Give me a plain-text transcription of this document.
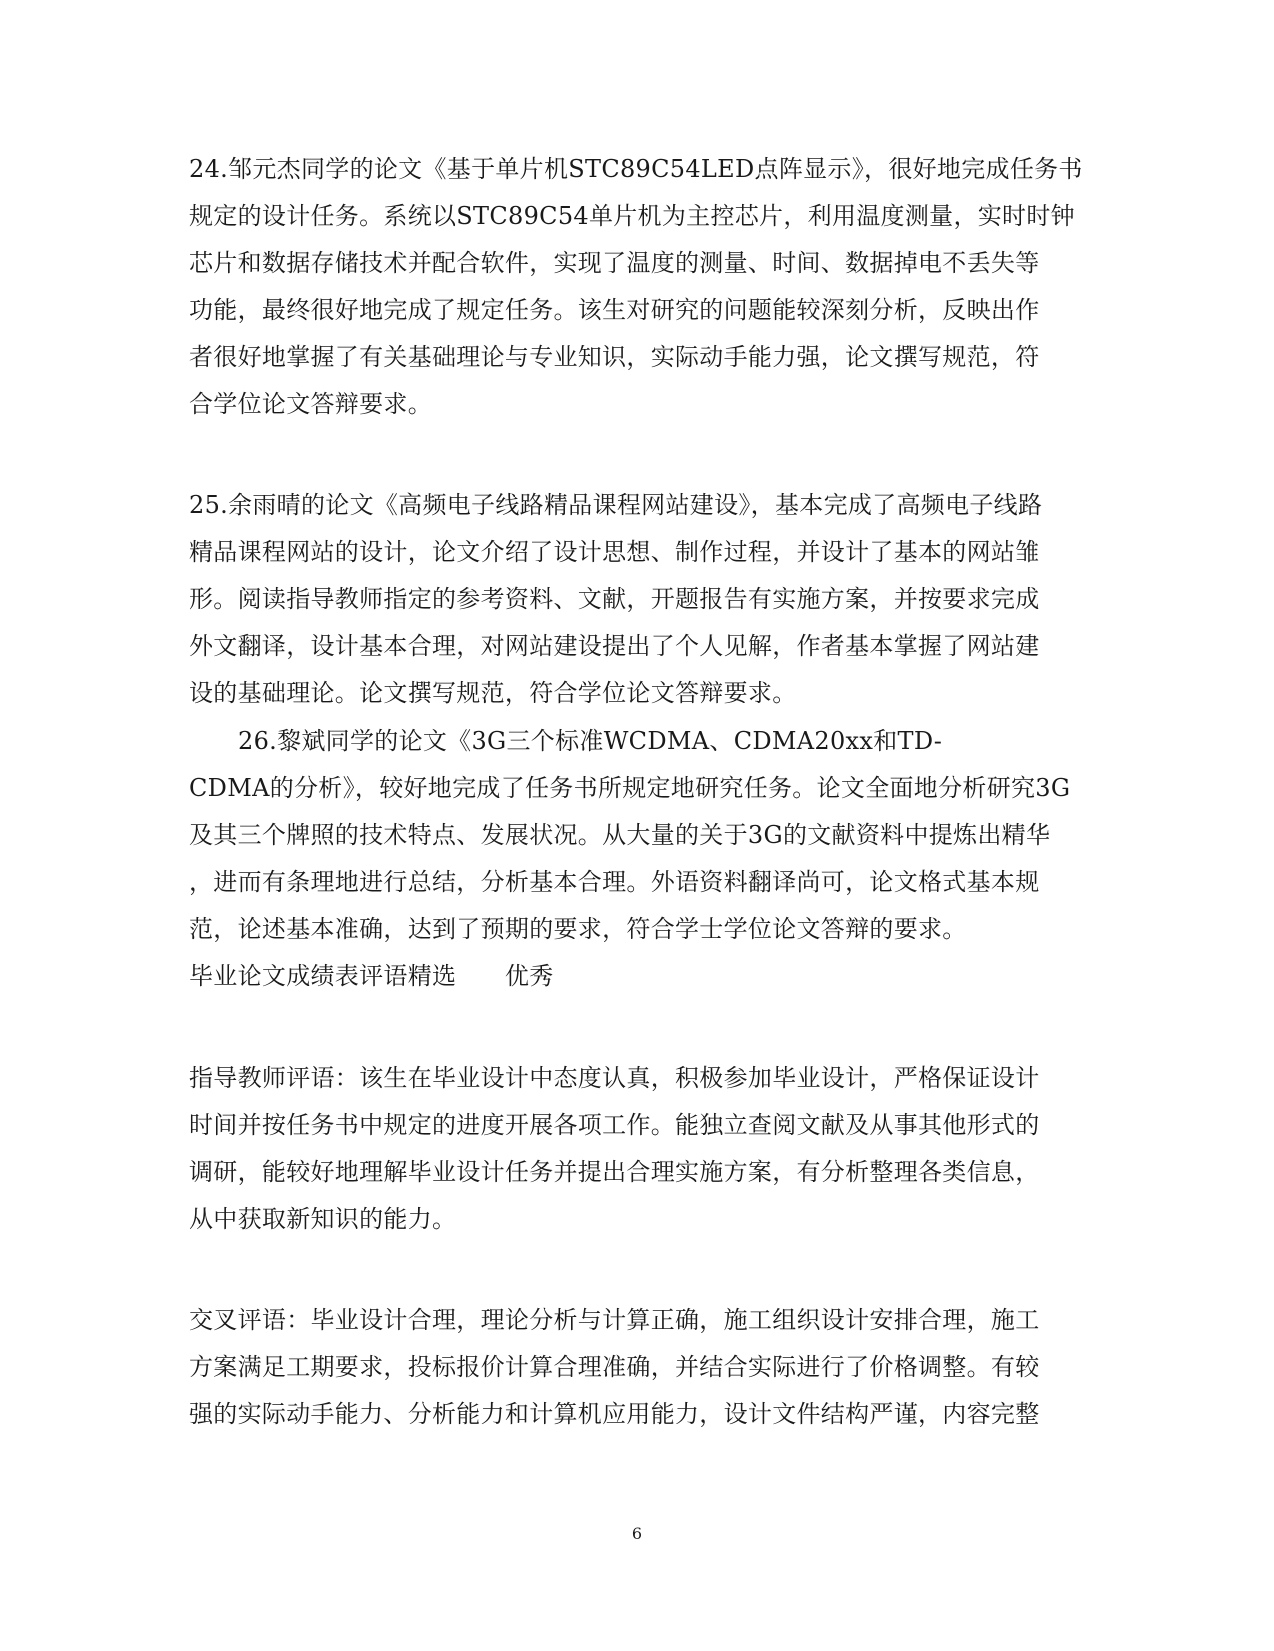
24.邹元杰同学的论文《基于单片机STC89C54LED点阵显示》，很好地完成任务书
规定的设计任务。系统以STC89C54单片机为主控芯片，利用温度测量，实时时钟
芯片和数据存储技术并配合软件，实现了温度的测量、时间、数据掉电不丢失等
功能，最终很好地完成了规定任务。该生对研究的问题能较深刻分析，反映出作
者很好地掌握了有关基础理论与专业知识，实际动手能力强，论文撰写规范，符
合学位论文答辩要求。
25.余雨晴的论文《高频电子线路精品课程网站建设》，基本完成了高频电子线路
精品课程网站的设计，论文介绍了设计思想、制作过程，并设计了基本的网站雏
形。阅读指导教师指定的参考资料、文献，开题报告有实施方案，并按要求完成
外文翻译，设计基本合理，对网站建设提出了个人见解，作者基本掌握了网站建
设的基础理论。论文撰写规范，符合学位论文答辩要求。
26.黎斌同学的论文《3G三个标准WCDMA、CDMA20xx和TD-
CDMA的分析》，较好地完成了任务书所规定地研究任务。论文全面地分析研究3G
及其三个牌照的技术特点、发展状况。从大量的关于3G的文献资料中提炼出精华
，进而有条理地进行总结，分析基本合理。外语资料翻译尚可，论文格式基本规
范，论述基本准确，达到了预期的要求，符合学士学位论文答辩的要求。
毕业论文成绩表评语精选　　优秀
指导教师评语：该生在毕业设计中态度认真，积极参加毕业设计，严格保证设计
时间并按任务书中规定的进度开展各项工作。能独立查阅文献及从事其他形式的
调研，能较好地理解毕业设计任务并提出合理实施方案，有分析整理各类信息，
从中获取新知识的能力。
交叉评语：毕业设计合理，理论分析与计算正确，施工组织设计安排合理，施工
方案满足工期要求，投标报价计算合理准确，并结合实际进行了价格调整。有较
强的实际动手能力、分析能力和计算机应用能力，设计文件结构严谨，内容完整
6
